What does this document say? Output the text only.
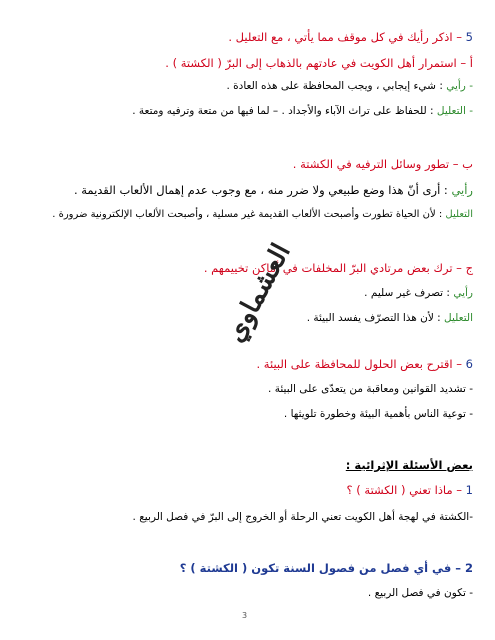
5 – اذكر رأيك في كل موقف مما يأتي ، مع التعليل .
أ – استمرار أهل الكويت في عادتهم بالذهاب إلى البرّ ( الكشتة ) .
- رأيي : شيء إيجابي ، ويجب المحافظة على هذه العادة .
- التعليل : للحفاظ على تراث الآباء والأجداد . – لما فيها من متعة وترفيه ومتعة .
ب – تطور وسائل الترفيه في الكشتة .
رأيي : أرى أنّ هذا وضع طبيعي ولا ضرر منه ، مع وجوب عدم إهمال الألعاب القديمة .
التعليل : لأن الحياة تطورت وأصبحت الألعاب القديمة غير مسلية ، وأصبحت الألعاب الإلكترونية ضرورة .
ج – ترك بعض مرتادي البرّ المخلفات في أماكن تخييمهم .
رأيي : تصرف غير سليم .
التعليل : لأن هذا التصرّف يفسد البيئة .
العشماوي
6 – اقترح بعض الحلول للمحافظة على البيئة .
- تشديد القوانين ومعاقبة من يتعدّى على البيئة .
- توعية الناس بأهمية البيئة وخطورة تلويثها .
بعض الأسئلة الإثرائية :
1 – ماذا تعني ( الكشتة ) ؟
-الكشتة في لهجة أهل الكويت تعني الرحلة أو الخروج إلى البرّ في فصل الربيع .
2 – في أي فصل من فصول السنة تكون ( الكشتة ) ؟
- تكون في فصل الربيع .
3
